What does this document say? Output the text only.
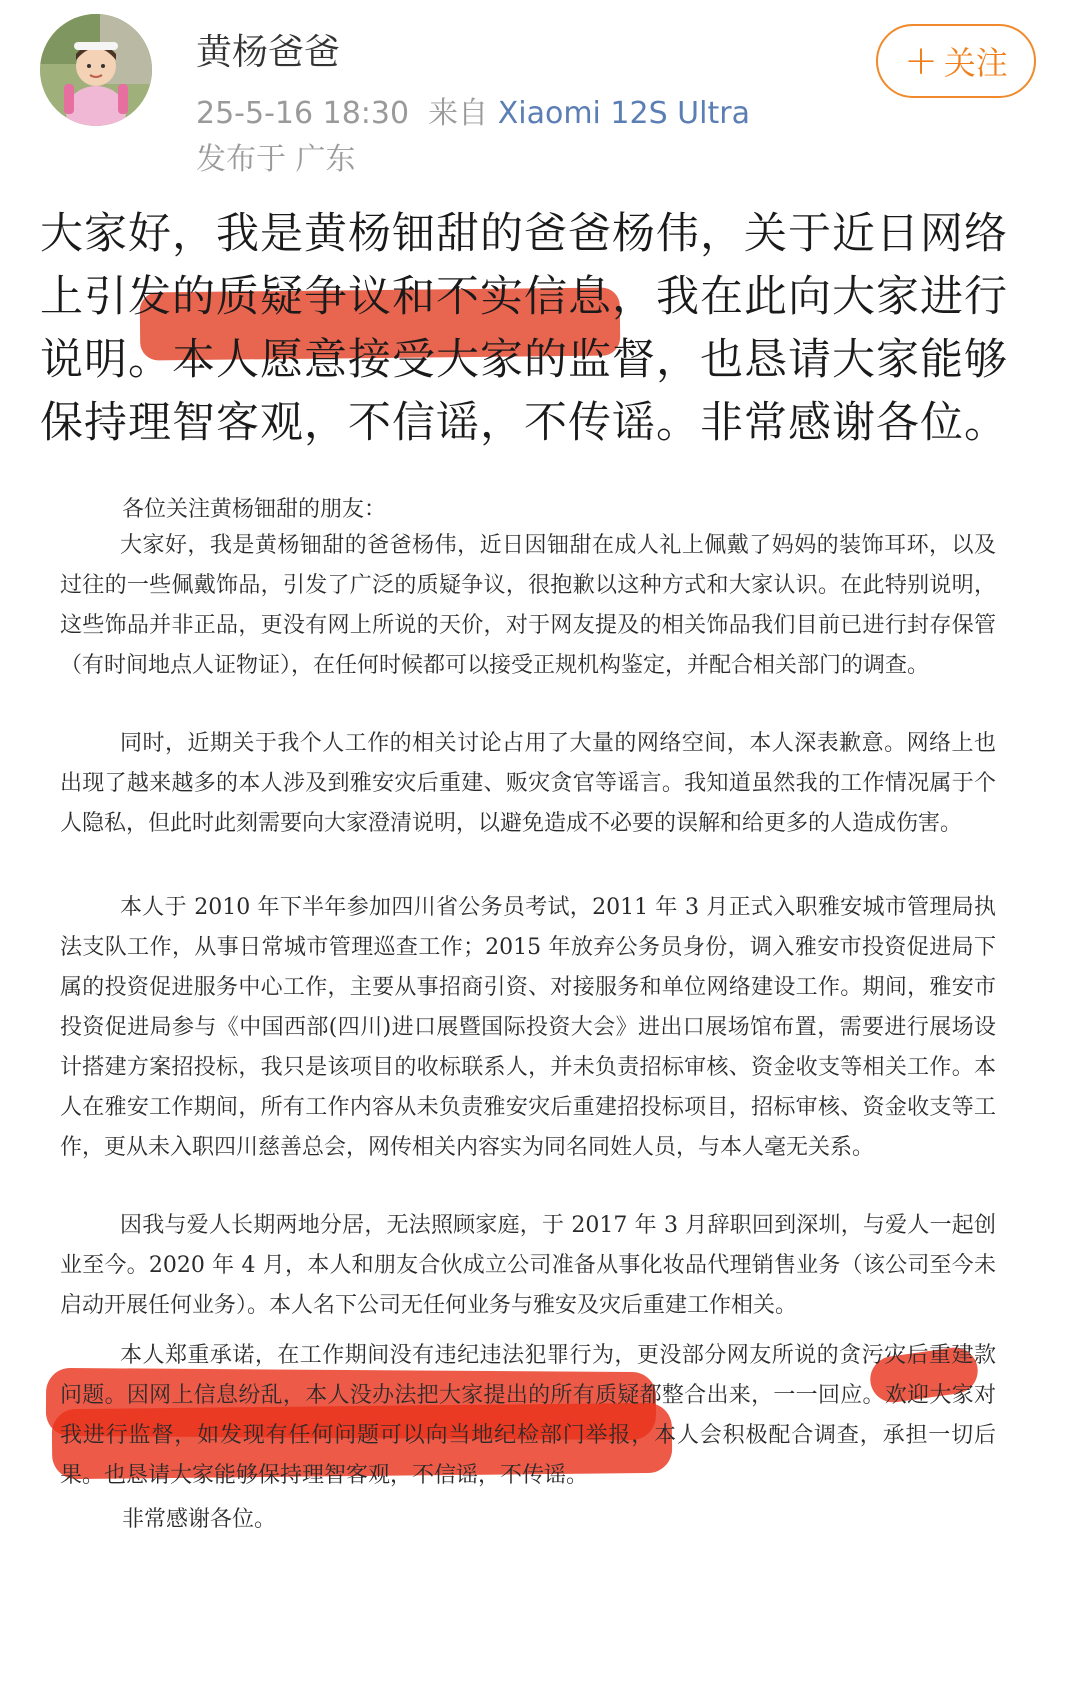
黄杨爸爸
25-5-16 18:30 来自 Xiaomi 12S Ultra
发布于 广东
+ 关注
大家好，我是黄杨钿甜的爸爸杨伟，关于近日网络上引发的质疑争议和不实信息，我在此向大家进行说明。本人愿意接受大家的监督，也恳请大家能够保持理智客观，不信谣，不传谣。非常感谢各位。

各位关注黄杨钿甜的朋友：

大家好，我是黄杨钿甜的爸爸杨伟，近日因钿甜在成人礼上佩戴了妈妈的装饰耳环，以及过往的一些佩戴饰品，引发了广泛的质疑争议，很抱歉以这种方式和大家认识。在此特别说明，这些饰品并非正品，更没有网上所说的天价，对于网友提及的相关饰品我们目前已进行封存保管（有时间地点人证物证），在任何时候都可以接受正规机构鉴定，并配合相关部门的调查。

同时，近期关于我个人工作的相关讨论占用了大量的网络空间，本人深表歉意。网络上也出现了越来越多的本人涉及到雅安灾后重建、贩灾贪官等谣言。我知道虽然我的工作情况属于个人隐私，但此时此刻需要向大家澄清说明，以避免造成不必要的误解和给更多的人造成伤害。

本人于 2010 年下半年参加四川省公务员考试，2011 年 3 月正式入职雅安城市管理局执法支队工作，从事日常城市管理巡查工作；2015 年放弃公务员身份，调入雅安市投资促进局下属的投资促进服务中心工作，主要从事招商引资、对接服务和单位网络建设工作。期间，雅安市投资促进局参与《中国西部(四川)进口展暨国际投资大会》进出口展场馆布置，需要进行展场设计搭建方案招投标，我只是该项目的收标联系人，并未负责招标审核、资金收支等相关工作。本人在雅安工作期间，所有工作内容从未负责雅安灾后重建招投标项目，招标审核、资金收支等工作，更从未入职四川慈善总会，网传相关内容实为同名同姓人员，与本人毫无关系。

因我与爱人长期两地分居，无法照顾家庭，于 2017 年 3 月辞职回到深圳，与爱人一起创业至今。2020 年 4 月，本人和朋友合伙成立公司准备从事化妆品代理销售业务（该公司至今未启动开展任何业务）。本人名下公司无任何业务与雅安及灾后重建工作相关。

本人郑重承诺，在工作期间没有违纪违法犯罪行为，更没部分网友所说的贪污灾后重建款问题。因网上信息纷乱，本人没办法把大家提出的所有质疑都整合出来，一一回应。欢迎大家对我进行监督，如发现有任何问题可以向当地纪检部门举报，本人会积极配合调查，承担一切后果。也恳请大家能够保持理智客观，不信谣，不传谣。

非常感谢各位。
